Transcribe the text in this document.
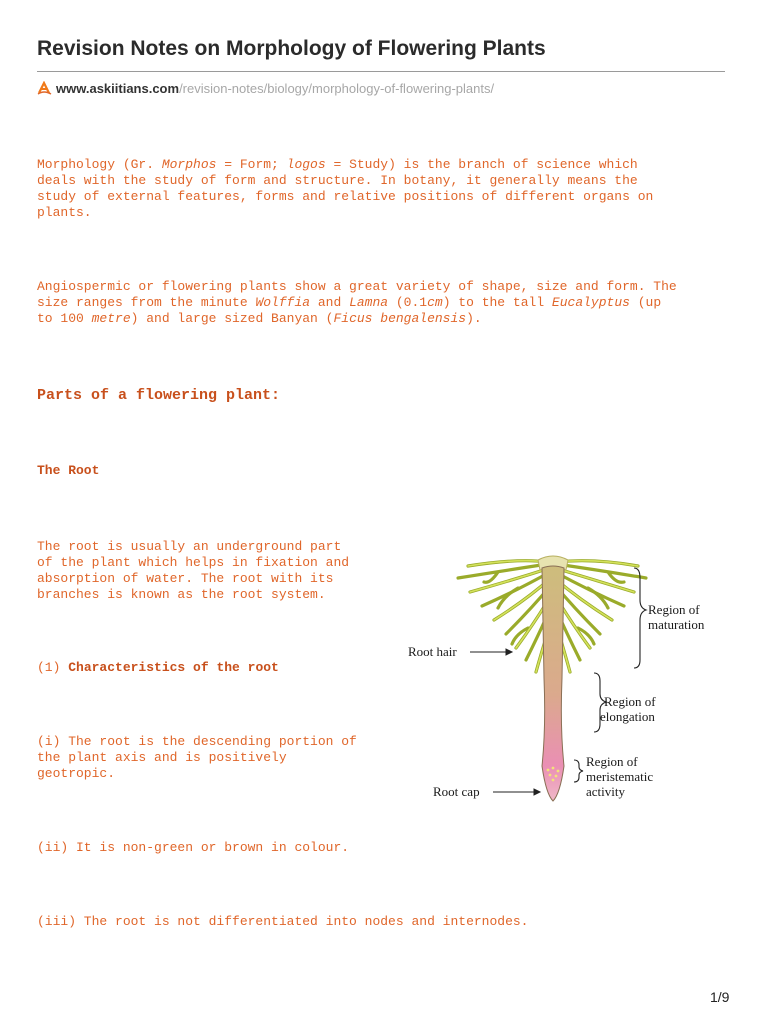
Revision Notes on Morphology of Flowering Plants
www.askiitians.com/revision-notes/biology/morphology-of-flowering-plants/

Morphology (Gr. Morphos = Form; logos = Study) is the branch of science which
deals with the study of form and structure. In botany, it generally means the
study of external features, forms and relative positions of different organs on
plants.

Angiospermic or flowering plants show a great variety of shape, size and form. The
size ranges from the minute Wolffia and Lamna (0.1cm) to the tall Eucalyptus (up
to 100 metre) and large sized Banyan (Ficus bengalensis).

Parts of a flowering plant:
The Root

The root is usually an underground part
of the plant which helps in fixation and
absorption of water. The root with its
branches is known as the root system.

(1) Characteristics of the root

(i) The root is the descending portion of
the plant axis and is positively
geotropic.

(ii) It is non-green or brown in colour.

(iii) The root is not differentiated into nodes and internodes.

Root hair
Root cap
Region of
maturation
Region of
elongation
Region of
meristematic
activity
1/9
